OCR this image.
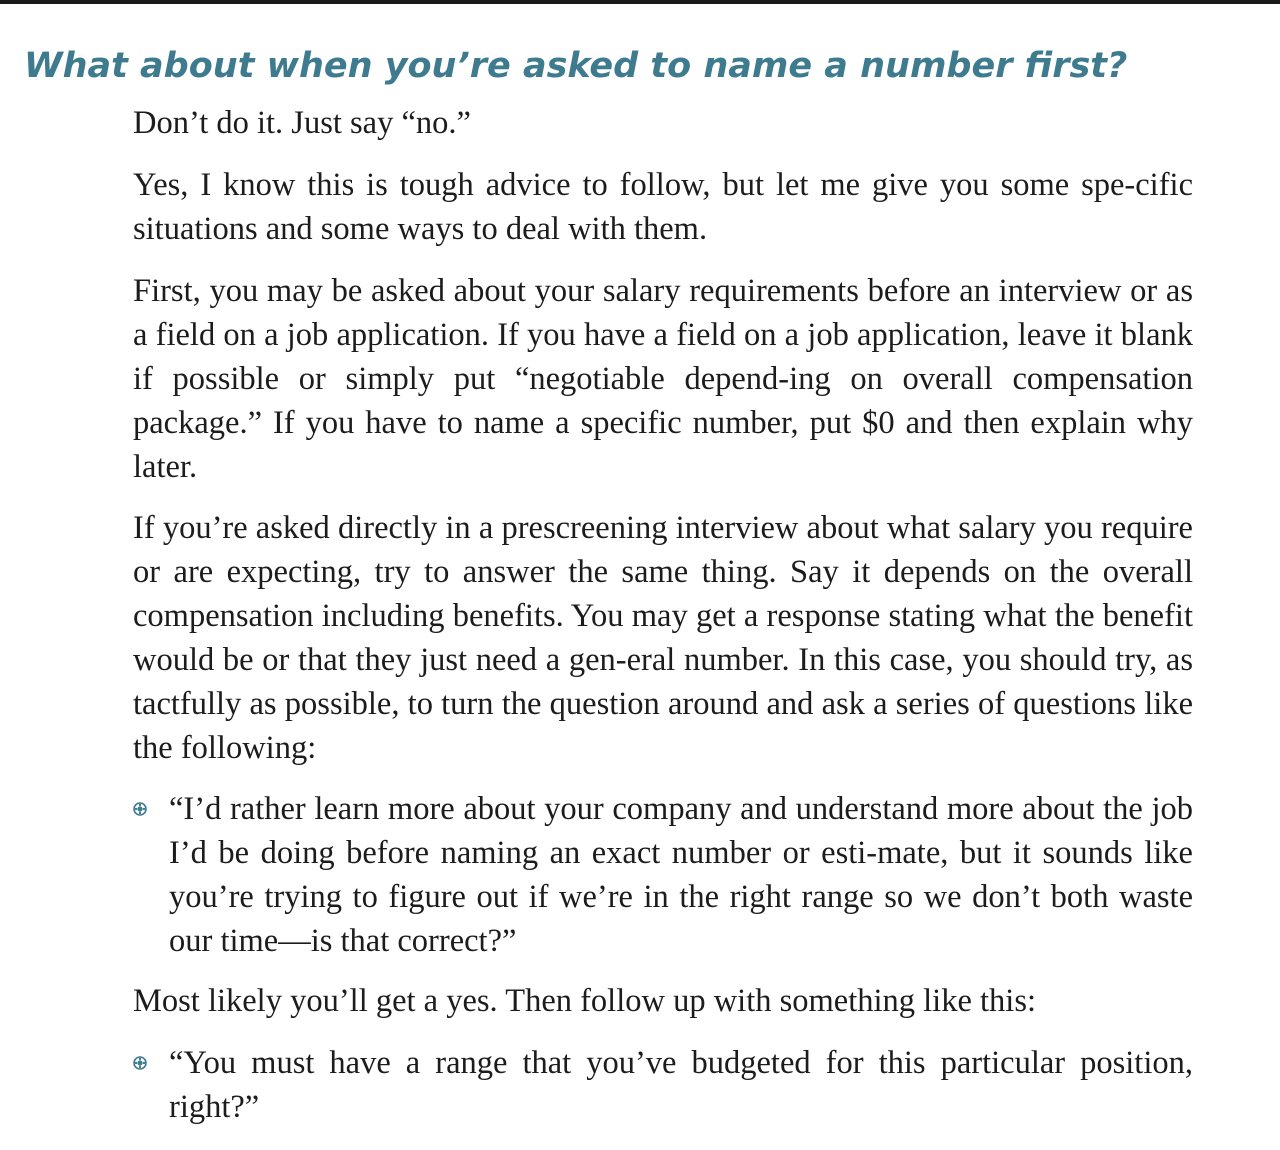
What about when you’re asked to name a number first?

Don’t do it. Just say “no.”

Yes, I know this is tough advice to follow, but let me give you some spe-cific situations and some ways to deal with them.

First, you may be asked about your salary requirements before an interview or as a field on a job application. If you have a field on a job application, leave it blank if possible or simply put “negotiable depend-ing on overall compensation package.” If you have to name a specific number, put $0 and then explain why later.

If you’re asked directly in a prescreening interview about what salary you require or are expecting, try to answer the same thing. Say it depends on the overall compensation including benefits. You may get a response stating what the benefit would be or that they just need a gen-eral number. In this case, you should try, as tactfully as possible, to turn the question around and ask a series of questions like the following:

“I’d rather learn more about your company and understand more about the job I’d be doing before naming an exact number or esti-mate, but it sounds like you’re trying to figure out if we’re in the right range so we don’t both waste our time—is that correct?”

Most likely you’ll get a yes. Then follow up with something like this:

“You must have a range that you’ve budgeted for this particular position, right?”
